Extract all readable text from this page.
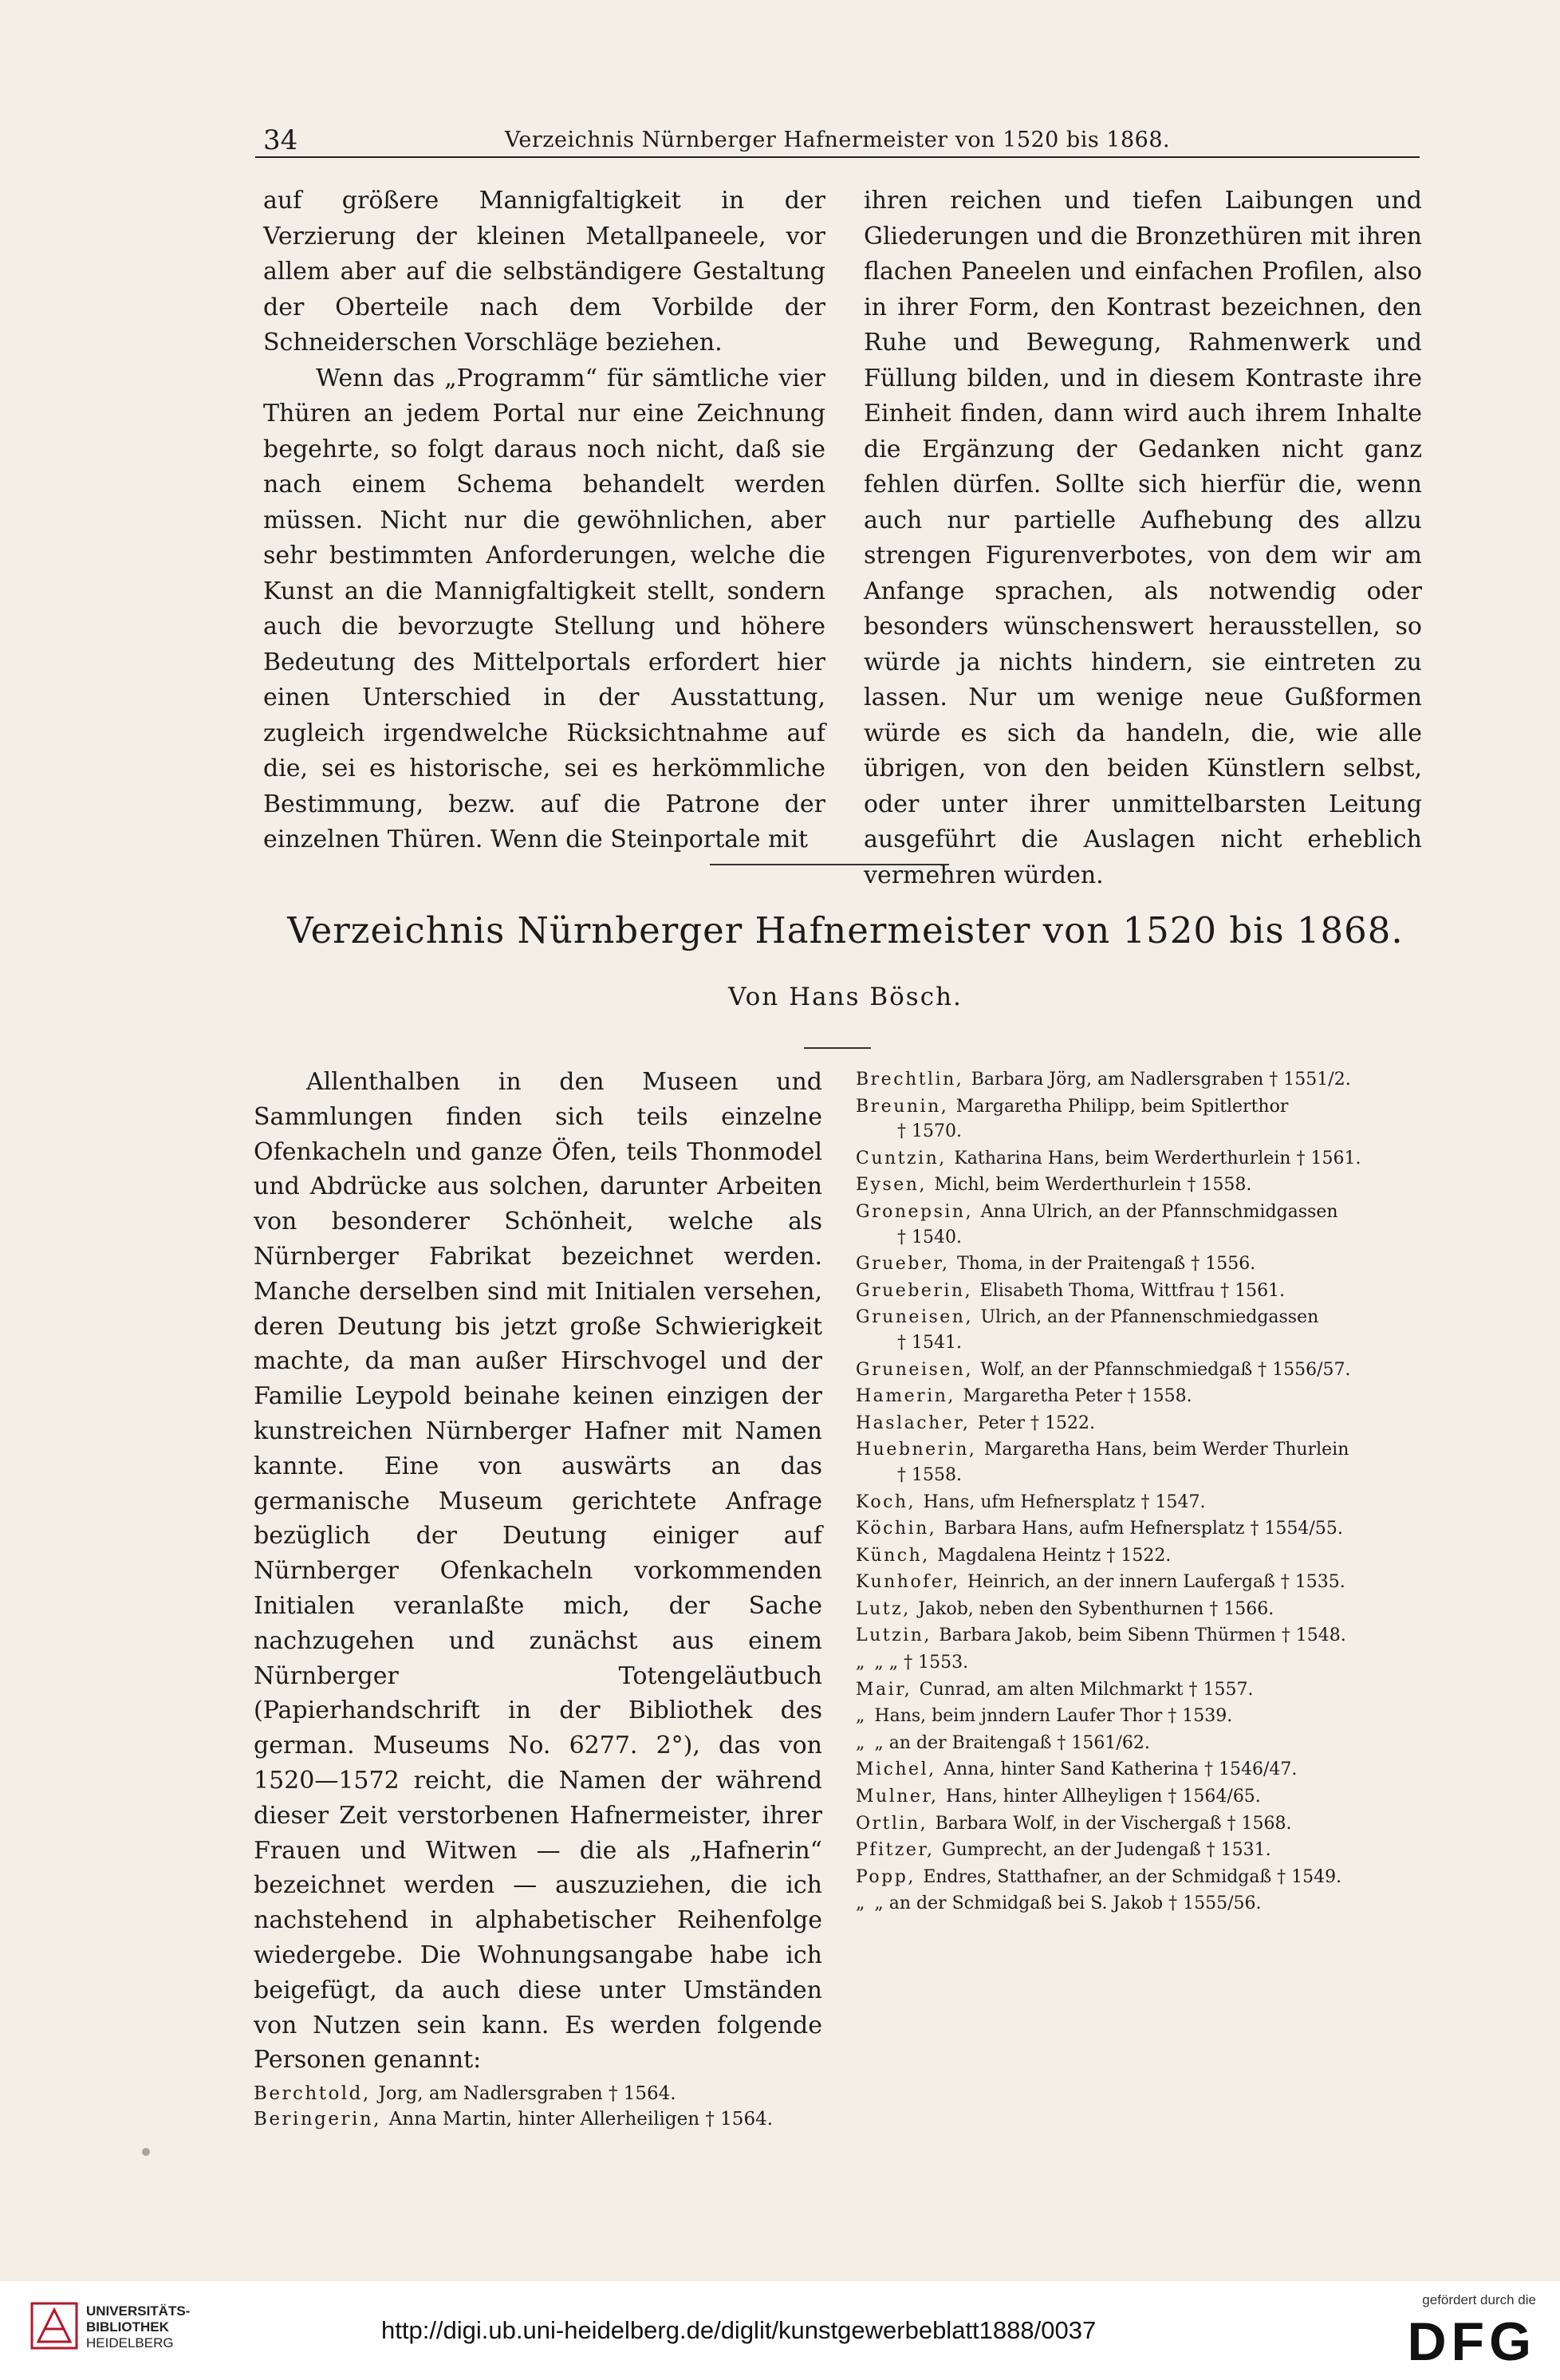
34	Verzeichnis Nürnberger Hafnermeister von 1520 bis 1868.

auf größere Mannigfaltigkeit in der Verzierung der kleinen Metallpaneele, vor allem aber auf die selbständigere Gestaltung der Oberteile nach dem Vorbilde der Schneiderschen Vorschläge beziehen.

Wenn das „Programm“ für sämtliche vier Thüren an jedem Portal nur eine Zeichnung begehrte, so folgt daraus noch nicht, daß sie nach einem Schema behandelt werden müssen. Nicht nur die gewöhnlichen, aber sehr bestimmten Anforderungen, welche die Kunst an die Mannigfaltigkeit stellt, sondern auch die bevorzugte Stellung und höhere Bedeutung des Mittelportals erfordert hier einen Unterschied in der Ausstattung, zugleich irgendwelche Rücksichtnahme auf die, sei es historische, sei es herkömmliche Bestimmung, bezw. auf die Patrone der einzelnen Thüren. Wenn die Steinportale mit

ihren reichen und tiefen Laibungen und Gliederungen und die Bronzethüren mit ihren flachen Paneelen und einfachen Profilen, also in ihrer Form, den Kontrast bezeichnen, den Ruhe und Bewegung, Rahmenwerk und Füllung bilden, und in diesem Kontraste ihre Einheit finden, dann wird auch ihrem Inhalte die Ergänzung der Gedanken nicht ganz fehlen dürfen. Sollte sich hierfür die, wenn auch nur partielle Aufhebung des allzu strengen Figurenverbotes, von dem wir am Anfange sprachen, als notwendig oder besonders wünschenswert herausstellen, so würde ja nichts hindern, sie eintreten zu lassen. Nur um wenige neue Gußformen würde es sich da handeln, die, wie alle übrigen, von den beiden Künstlern selbst, oder unter ihrer unmittelbarsten Leitung ausgeführt die Auslagen nicht erheblich vermehren würden.

Verzeichnis Nürnberger Hafnermeister von 1520 bis 1868.
Von Hans Bösch.

Allenthalben in den Museen und Sammlungen finden sich teils einzelne Ofenkacheln und ganze Öfen, teils Thonmodel und Abdrücke aus solchen, darunter Arbeiten von besonderer Schönheit, welche als Nürnberger Fabrikat bezeichnet werden. Manche derselben sind mit Initialen versehen, deren Deutung bis jetzt große Schwierigkeit machte, da man außer Hirschvogel und der Familie Leypold beinahe keinen einzigen der kunstreichen Nürnberger Hafner mit Namen kannte. Eine von auswärts an das germanische Museum gerichtete Anfrage bezüglich der Deutung einiger auf Nürnberger Ofenkacheln vorkommenden Initialen veranlaßte mich, der Sache nachzugehen und zunächst aus einem Nürnberger Totengeläutbuch (Papierhandschrift in der Bibliothek des german. Museums No. 6277. 2°), das von 1520—1572 reicht, die Namen der während dieser Zeit verstorbenen Hafnermeister, ihrer Frauen und Witwen — die als „Hafnerin“ bezeichnet werden — auszuziehen, die ich nachstehend in alphabetischer Reihenfolge wiedergebe. Die Wohnungsangabe habe ich beigefügt, da auch diese unter Umständen von Nutzen sein kann. Es werden folgende Personen genannt:

Berchtold, Jorg, am Nadlersgraben † 1564.
Beringerin, Anna Martin, hinter Allerheiligen † 1564.
Brechtlin, Barbara Jörg, am Nadlersgraben † 1551/2.
Breunin, Margaretha Philipp, beim Spitlerthor
† 1570.
Cuntzin, Katharina Hans, beim Werderthurlein † 1561.
Eysen, Michl, beim Werderthurlein † 1558.
Gronepsin, Anna Ulrich, an der Pfannschmidgassen
† 1540.
Grueber, Thoma, in der Praitengaß † 1556.
Grueberin, Elisabeth Thoma, Wittfrau † 1561.
Gruneisen, Ulrich, an der Pfannenschmiedgassen
† 1541.
Gruneisen, Wolf, an der Pfannschmiedgaß † 1556/57.
Hamerin, Margaretha Peter † 1558.
Haslacher, Peter † 1522.
Huebnerin, Margaretha Hans, beim Werder Thurlein
† 1558.
Koch, Hans, ufm Hefnersplatz † 1547.
Köchin, Barbara Hans, aufm Hefnersplatz † 1554/55.
Künch, Magdalena Heintz † 1522.
Kunhofer, Heinrich, an der innern Laufergaß † 1535.
Lutz, Jakob, neben den Sybenthurnen † 1566.
Lutzin, Barbara Jakob, beim Sibenn Thürmen † 1548.
„ „ „ † 1553.
Mair, Cunrad, am alten Milchmarkt † 1557.
„ Hans, beim jnndern Laufer Thor † 1539.
„ „ an der Braitengaß † 1561/62.
Michel, Anna, hinter Sand Katherina † 1546/47.
Mulner, Hans, hinter Allheyligen † 1564/65.
Ortlin, Barbara Wolf, in der Vischergaß † 1568.
Pfitzer, Gumprecht, an der Judengaß † 1531.
Popp, Endres, Statthafner, an der Schmidgaß † 1549.
„ „ an der Schmidgaß bei S. Jakob † 1555/56.
UNIVERSITÄTS-
BIBLIOTHEK
HEIDELBERG	http://digi.ub.uni-heidelberg.de/diglit/kunstgewerbeblatt1888/0037
gefördert durch die
DFG
